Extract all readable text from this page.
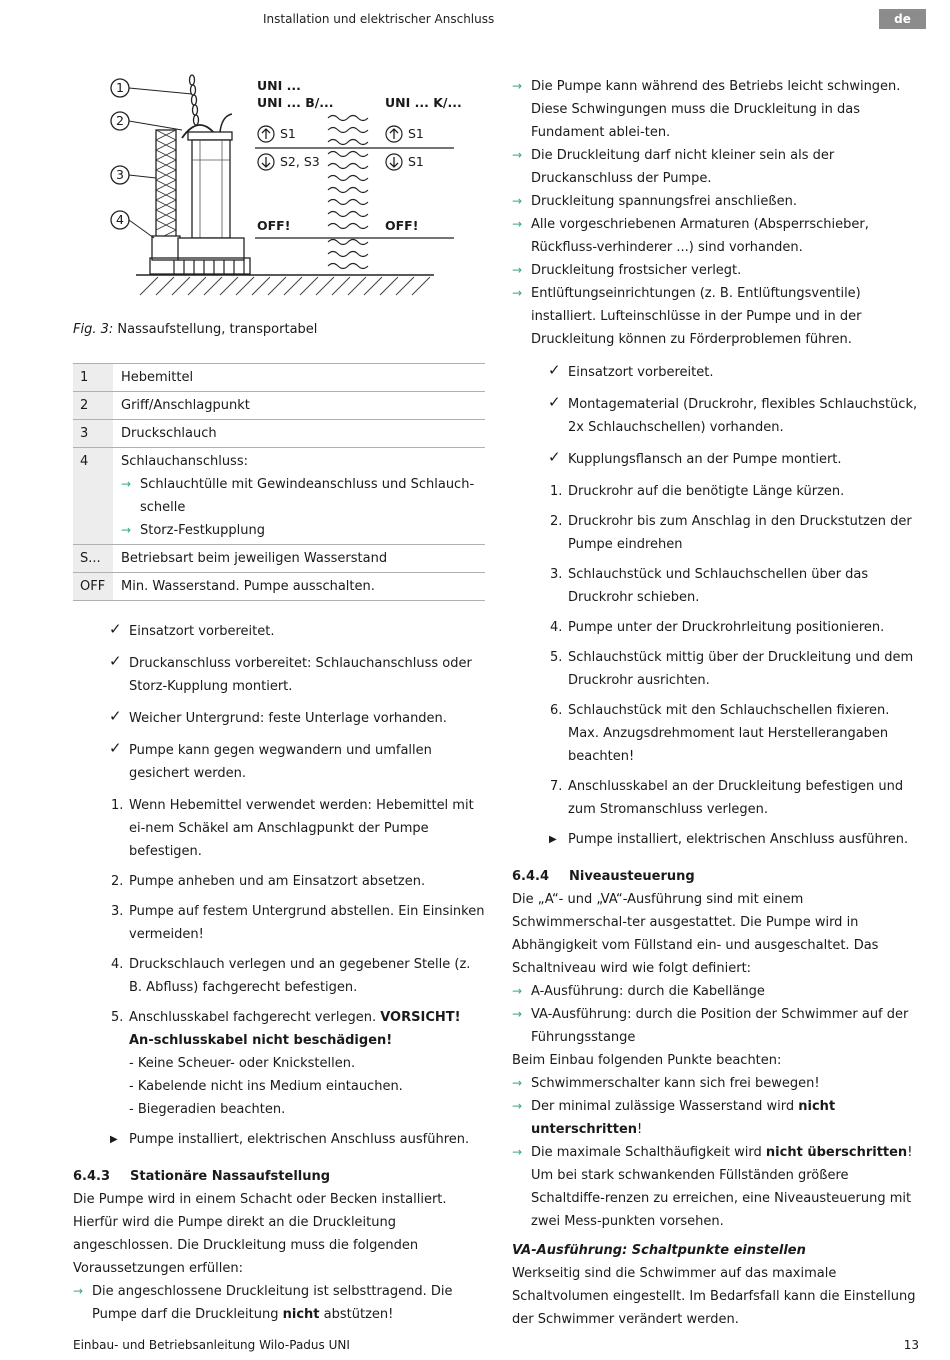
Installation und elektrischer Anschluss	de
1
2
3
4
UNI ...
UNI ... B/...	UNI ... K/...
S1
S2, S3
S1
S1
OFF!	OFF!
Fig. 3: Nassaufstellung, transportabel
1	Hebemittel
2	Griff/Anschlagpunkt
3	Druckschlauch
4	Schlauchanschluss:
→ Schlauchtülle mit Gewindeanschluss und Schlauch-schelle
→ Storz-Festkupplung

S...	Betriebsart beim jeweiligen Wasserstand
OFF	Min. Wasserstand. Pumpe ausschalten.
✓ Einsatzort vorbereitet.
✓ Druckanschluss vorbereitet: Schlauchanschluss oder Storz-Kupplung montiert.
✓ Weicher Untergrund: feste Unterlage vorhanden.
✓ Pumpe kann gegen wegwandern und umfallen gesichert werden.
1. Wenn Hebemittel verwendet werden: Hebemittel mit ei-nem Schäkel am Anschlagpunkt der Pumpe befestigen.
2. Pumpe anheben und am Einsatzort absetzen.
3. Pumpe auf festem Untergrund abstellen. Ein Einsinken vermeiden!
4. Druckschlauch verlegen und an gegebener Stelle (z. B. Abfluss) fachgerecht befestigen.
5. Anschlusskabel fachgerecht verlegen. VORSICHT! An-schlusskabel nicht beschädigen!
- Keine Scheuer- oder Knickstellen.
- Kabelende nicht ins Medium eintauchen.
- Biegeradien beachten.
▶ Pumpe installiert, elektrischen Anschluss ausführen.
6.4.3 Stationäre Nassaufstellung
Die Pumpe wird in einem Schacht oder Becken installiert. Hierfür wird die Pumpe direkt an die Druckleitung angeschlossen. Die Druckleitung muss die folgenden Voraussetzungen erfüllen:
→ Die angeschlossene Druckleitung ist selbsttragend. Die Pumpe darf die Druckleitung nicht abstützen!
→ Die Pumpe kann während des Betriebs leicht schwingen. Diese Schwingungen muss die Druckleitung in das Fundament ablei-ten.
→ Die Druckleitung darf nicht kleiner sein als der Druckanschluss der Pumpe.
→ Druckleitung spannungsfrei anschließen.
→ Alle vorgeschriebenen Armaturen (Absperrschieber, Rückfluss-verhinderer ...) sind vorhanden.
→ Druckleitung frostsicher verlegt.
→ Entlüftungseinrichtungen (z. B. Entlüftungsventile) installiert. Lufteinschlüsse in der Pumpe und in der Druckleitung können zu Förderproblemen führen.
✓ Einsatzort vorbereitet.
✓ Montagematerial (Druckrohr, flexibles Schlauchstück, 2x Schlauchschellen) vorhanden.
✓ Kupplungsflansch an der Pumpe montiert.
1. Druckrohr auf die benötigte Länge kürzen.
2. Druckrohr bis zum Anschlag in den Druckstutzen der Pumpe eindrehen
3. Schlauchstück und Schlauchschellen über das Druckrohr schieben.
4. Pumpe unter der Druckrohrleitung positionieren.
5. Schlauchstück mittig über der Druckleitung und dem Druckrohr ausrichten.
6. Schlauchstück mit den Schlauchschellen fixieren. Max. Anzugsdrehmoment laut Herstellerangaben beachten!
7. Anschlusskabel an der Druckleitung befestigen und zum Stromanschluss verlegen.
▶ Pumpe installiert, elektrischen Anschluss ausführen.
6.4.4 Niveausteuerung
Die „A“- und „VA“-Ausführung sind mit einem Schwimmerschal-ter ausgestattet. Die Pumpe wird in Abhängigkeit vom Füllstand ein- und ausgeschaltet. Das Schaltniveau wird wie folgt definiert:
→ A-Ausführung: durch die Kabellänge
→ VA-Ausführung: durch die Position der Schwimmer auf der Führungsstange
Beim Einbau folgenden Punkte beachten:
→ Schwimmerschalter kann sich frei bewegen!
→ Der minimal zulässige Wasserstand wird nicht unterschritten!
→ Die maximale Schalthäufigkeit wird nicht überschritten!
Um bei stark schwankenden Füllständen größere Schaltdiffe-renzen zu erreichen, eine Niveausteuerung mit zwei Mess-punkten vorsehen.
VA-Ausführung: Schaltpunkte einstellen
Werkseitig sind die Schwimmer auf das maximale Schaltvolumen eingestellt. Im Bedarfsfall kann die Einstellung der Schwimmer verändert werden.
Einbau- und Betriebsanleitung Wilo-Padus UNI	13
